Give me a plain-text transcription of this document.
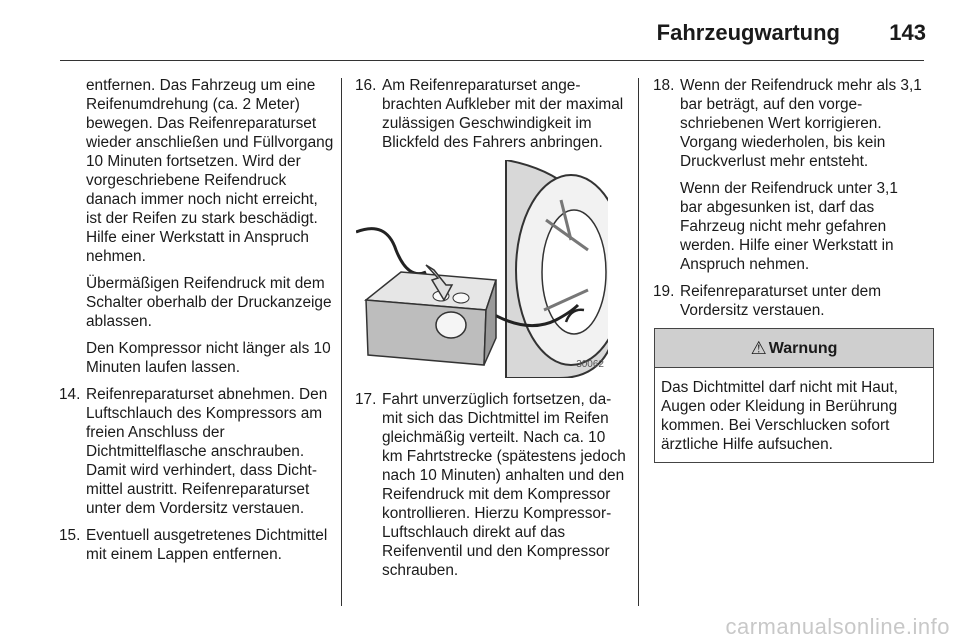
Fahrzeugwartung	143

entfernen. Das Fahrzeug um eine Reifenumdrehung (ca. 2 Meter) bewegen. Das Reifenreparaturset wieder anschließen und Füllvorgang 10 Minuten fortsetzen. Wird der vorgeschriebene Reifendruck danach immer noch nicht erreicht, ist der Reifen zu stark beschädigt. Hilfe einer Werkstatt in Anspruch nehmen.

Übermäßigen Reifendruck mit dem Schalter oberhalb der Druckanzeige ablassen.

Den Kompressor nicht länger als 10 Minuten laufen lassen.

14. Reifenreparaturset abnehmen. Den Luftschlauch des Kompressors am freien Anschluss der Dichtmittelflasche anschrauben. Damit wird verhindert, dass Dichtmittel austritt. Reifenreparaturset unter dem Vordersitz verstauen.
15. Eventuell ausgetretenes Dichtmittel mit einem Lappen entfernen.
16. Am Reifenreparaturset angebrachten Aufkleber mit der maximal zulässigen Geschwindigkeit im Blickfeld des Fahrers anbringen.
30062
17. Fahrt unverzüglich fortsetzen, damit sich das Dichtmittel im Reifen gleichmäßig verteilt. Nach ca. 10 km Fahrtstrecke (spätestens jedoch nach 10 Minuten) anhalten und den Reifendruck mit dem Kompressor kontrollieren. Hierzu Kompressor-Luftschlauch direkt auf das Reifenventil und den Kompressor schrauben.
18. Wenn der Reifendruck mehr als 3,1 bar beträgt, auf den vorgeschriebenen Wert korrigieren. Vorgang wiederholen, bis kein Druckverlust mehr entsteht.

Wenn der Reifendruck unter 3,1 bar abgesunken ist, darf das Fahrzeug nicht mehr gefahren werden. Hilfe einer Werkstatt in Anspruch nehmen.

19. Reifenreparaturset unter dem Vordersitz verstauen.
⚠ Warnung
Das Dichtmittel darf nicht mit Haut, Augen oder Kleidung in Berührung kommen. Bei Verschlucken sofort ärztliche Hilfe aufsuchen.
carmanualsonline.info
